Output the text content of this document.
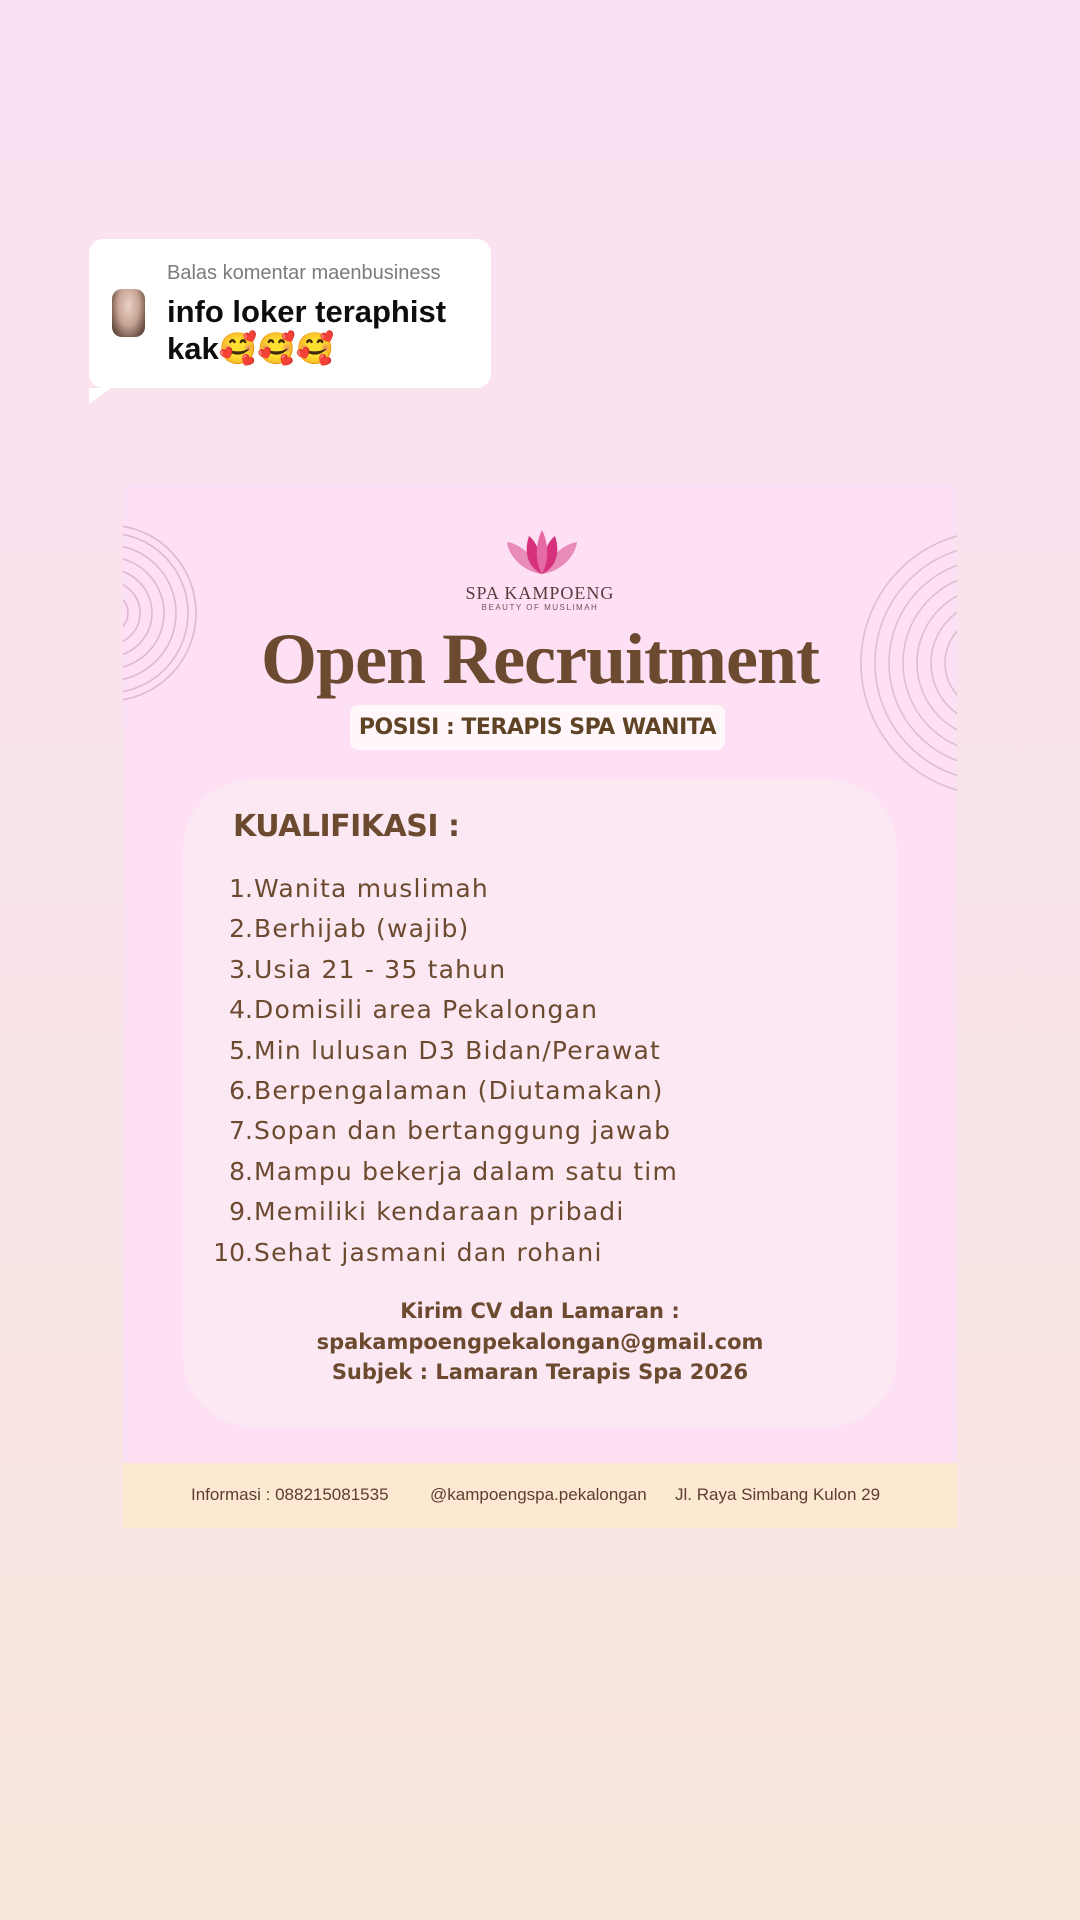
Balas komentar maenbusiness
info loker teraphist kak🥰🥰🥰
SPA KAMPOENG
BEAUTY OF MUSLIMAH
Open Recruitment
POSISI : TERAPIS SPA WANITA
KUALIFIKASI :
1. Wanita muslimah
2. Berhijab (wajib)
3. Usia 21 - 35 tahun
4. Domisili area Pekalongan
5. Min lulusan D3 Bidan/Perawat
6. Berpengalaman (Diutamakan)
7. Sopan dan bertanggung jawab
8. Mampu bekerja dalam satu tim
9. Memiliki kendaraan pribadi
10. Sehat jasmani dan rohani
Kirim CV dan Lamaran :
spakampoengpekalongan@gmail.com
Subjek : Lamaran Terapis Spa 2026
Informasi : 088215081535 @kampoengspa.pekalongan Jl. Raya Simbang Kulon 29
